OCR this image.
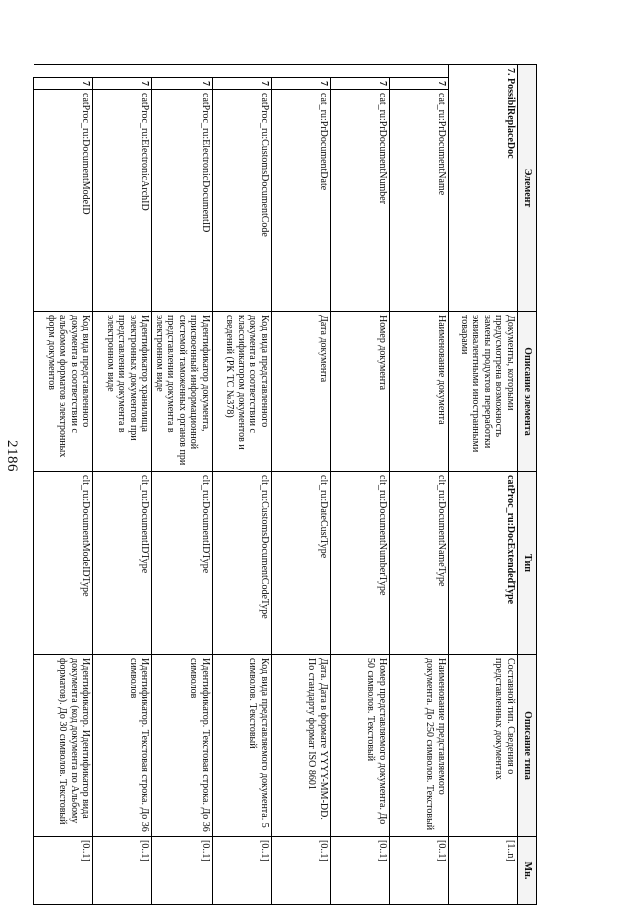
2186
Элемент			Описание элемента	Тип	Описание типа	Мн.
7. PossiblReplaceDoc			Документы, которыми предусмотрена возможность замены продуктов переработки эквивалентными иностранными товарами	catProc_ru:DocExtendedType	Составной тип. Сведения о представленных документах	[1..n]
	7	cat_ru:PrDocumentName	Наименование документа	clt_ru:DocumentNameType	Наименование представляемого документа. До 250 символов. Текстовый	[0..1]
	7	cat_ru:PrDocumentNumber	Номер документа	clt_ru:DocumentNumberType	Номер представляемого документа. До 50 символов. Текстовый	[0..1]
	7	cat_ru:PrDocumentDate	Дата документа	clt_ru:DateCustType	Дата. Дата в формате YYYY-MM-DD. По стандарту формат ISO 8601	[0..1]
	7	catProc_ru:CustomsDocumentCode	Код вида представленного документа в соответствии с классификатором документов и сведений (РК ТС №378)	clt_ru:CustomsDocumentCodeType	Код вида представляемого документа. 5 символов. Текстовый	[0..1]
	7	catProc_ru:ElectronicDocumentID	Идентификатор документа, присвоенный информационной системой таможенных органов при представлении документа в электронном виде	clt_ru:DocumentIDType	Идентификатор. Текстовая строка. До 36 символов	[0..1]
	7	catProc_ru:ElectronicArchID	Идентификатор хранилища электронных документов при представлении документа в электронном виде	clt_ru:DocumentIDType	Идентификатор. Текстовая строка. До 36 символов	[0..1]
	7	catProc_ru:DocumentModeID	Код вида представленного документа в соответствии с альбомом форматов электронных форм документов	clt_ru:DocumentModeIDType	Идентификатор. Идентификатор вида документа (код документа по Альбому форматов). До 30 символов. Текстовый	[0..1]
